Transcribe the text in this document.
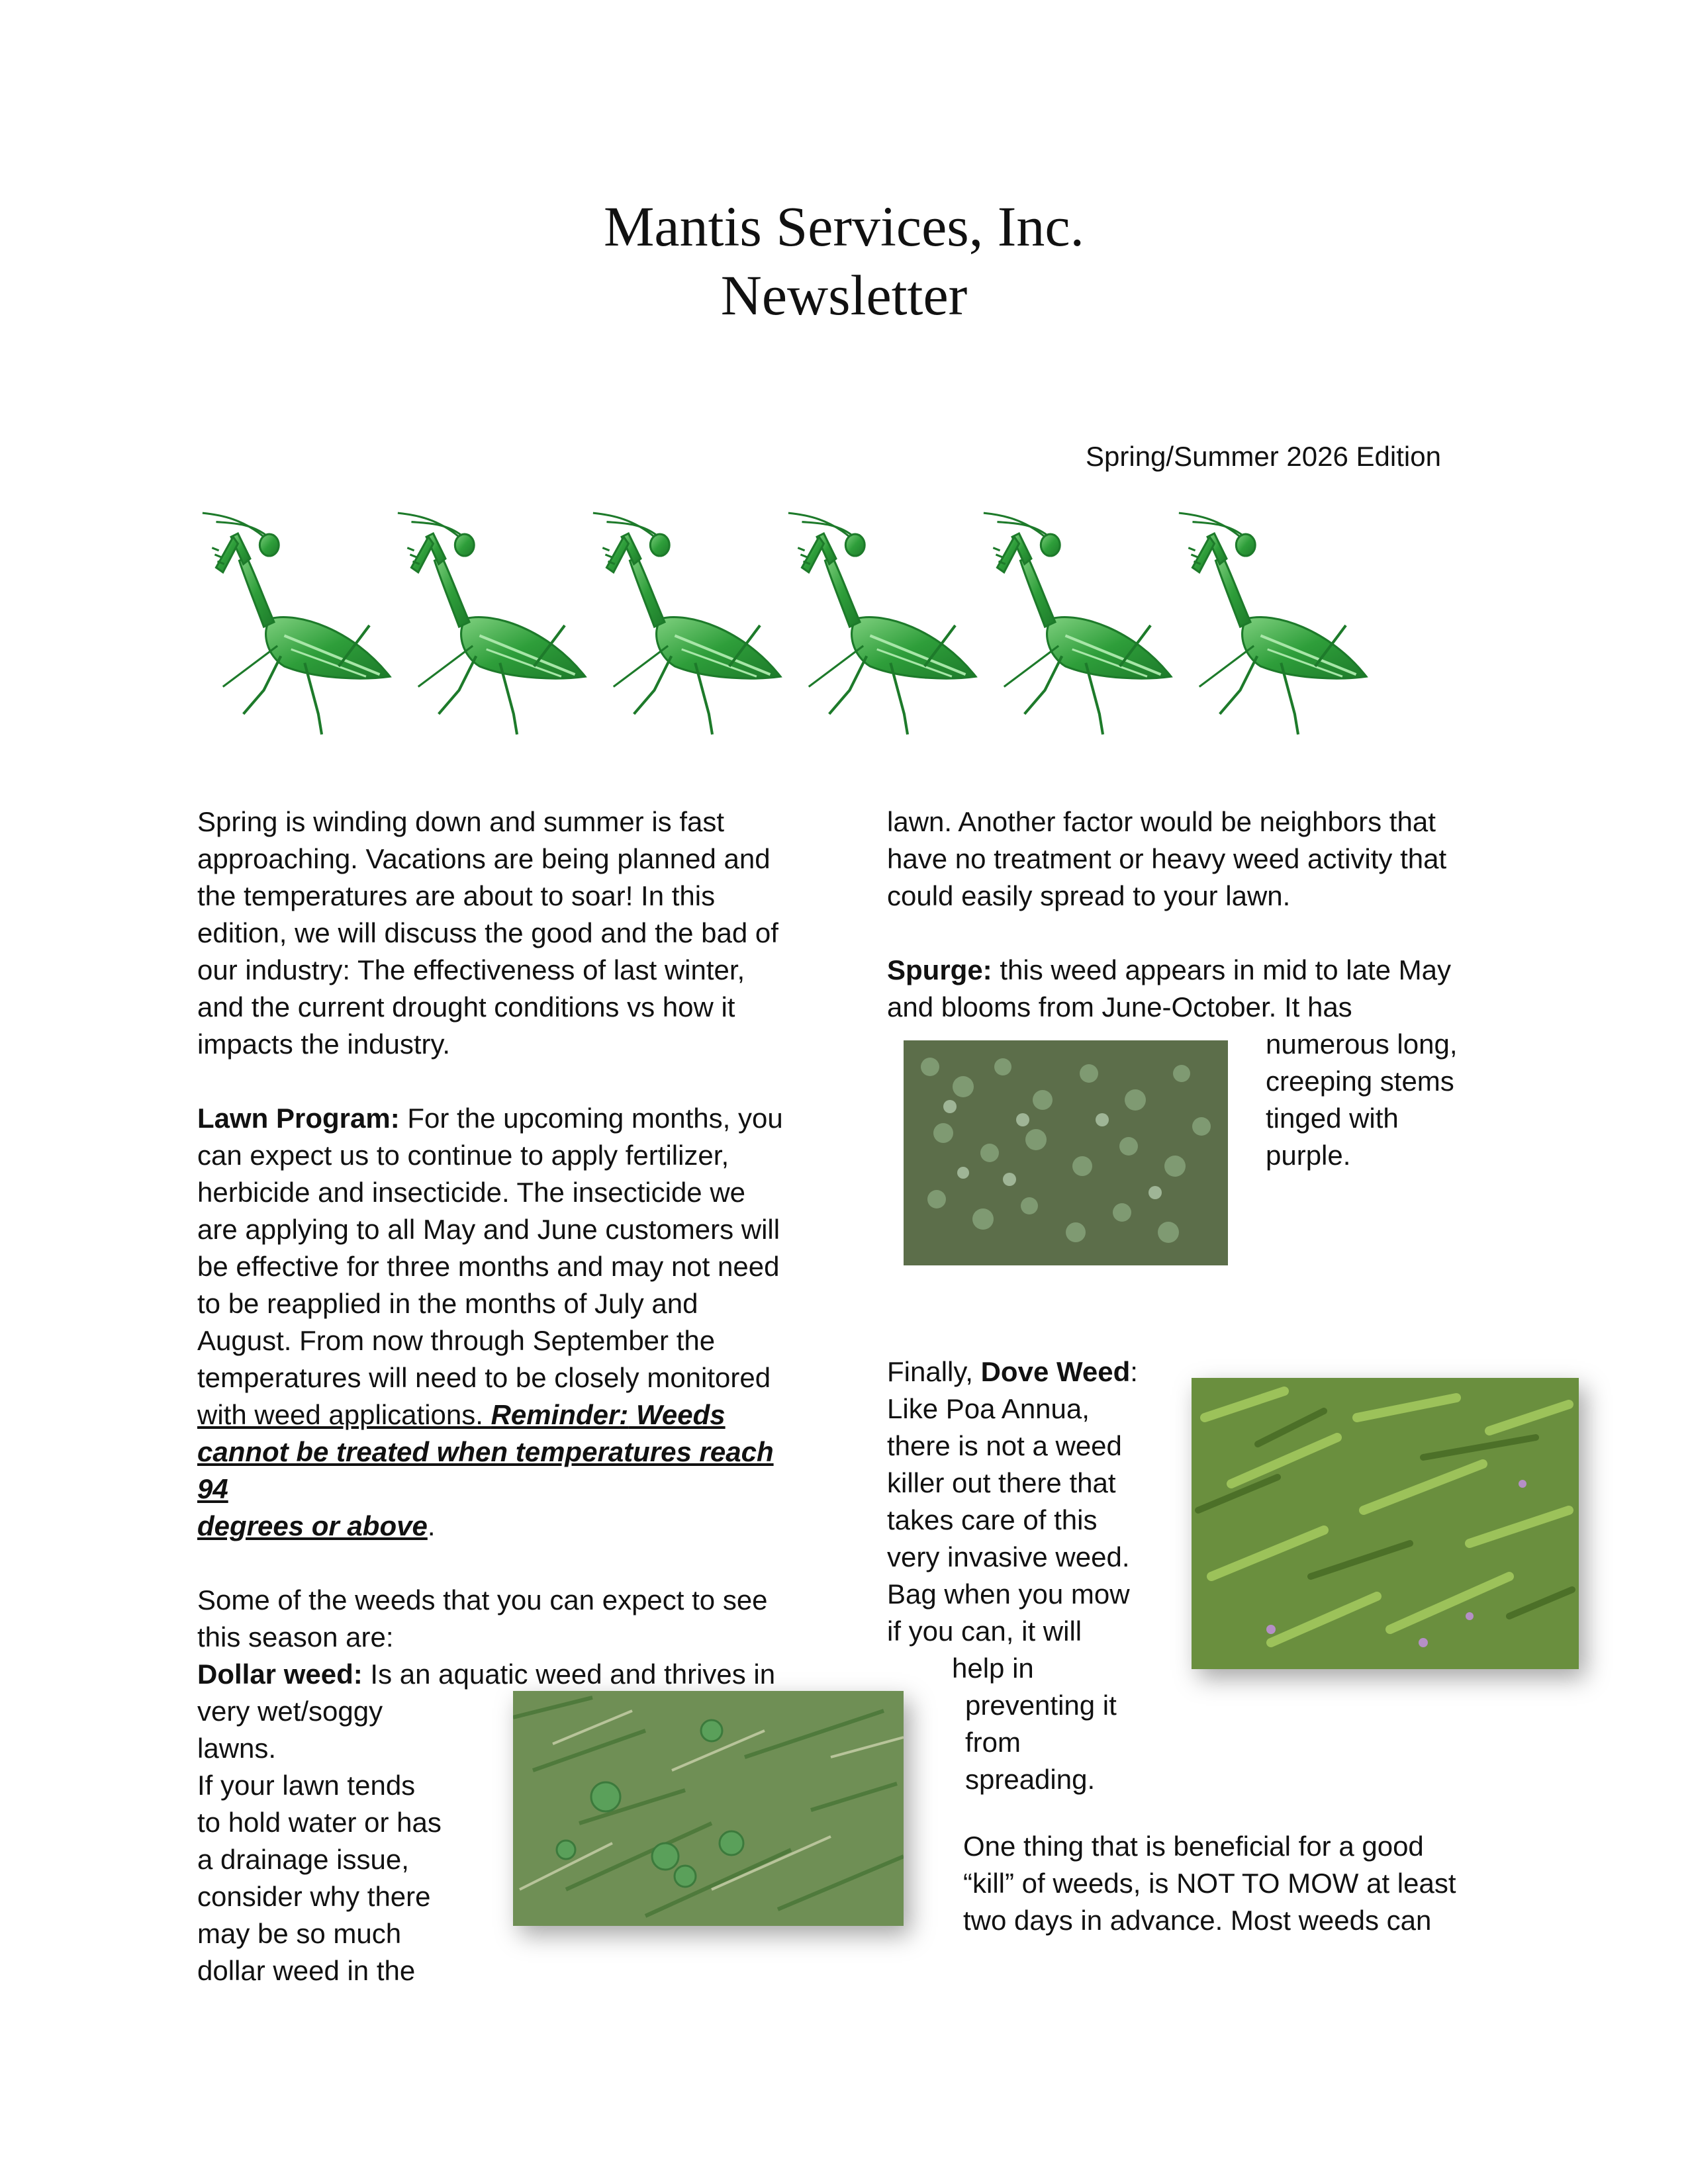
Mantis Services, Inc.
Newsletter
Spring/Summer 2026 Edition

Spring is winding down and summer is fast

approaching. Vacations are being planned and

the temperatures are about to soar! In this

edition, we will discuss the good and the bad of

our industry: The effectiveness of last winter,

and the current drought conditions vs how it

impacts the industry.

Lawn Program: For the upcoming months, you

can expect us to continue to apply fertilizer,

herbicide and insecticide. The insecticide we

are applying to all May and June customers will

be effective for three months and may not need

to be reapplied in the months of July and

August. From now through September the

temperatures will need to be closely monitored

with weed applications. Reminder: Weeds

cannot be treated when temperatures reach 94

degrees or above.

Some of the weeds that you can expect to see

this season are:

Dollar weed: Is an aquatic weed and thrives in

very wet/soggy

lawns.

If your lawn tends

to hold water or has

a drainage issue,

consider why there

may be so much

dollar weed in the

lawn. Another factor would be neighbors that

have no treatment or heavy weed activity that

could easily spread to your lawn.

Spurge: this weed appears in mid to late May

and blooms from June-October. It has

numerous long,

creeping stems

tinged with

purple.

Finally, Dove Weed:

Like Poa Annua,

there is not a weed

killer out there that

takes care of this

very invasive weed.

Bag when you mow

if you can, it will

help in

preventing it

from

spreading.

One thing that is beneficial for a good

“kill” of weeds, is NOT TO MOW at least

two days in advance. Most weeds can
